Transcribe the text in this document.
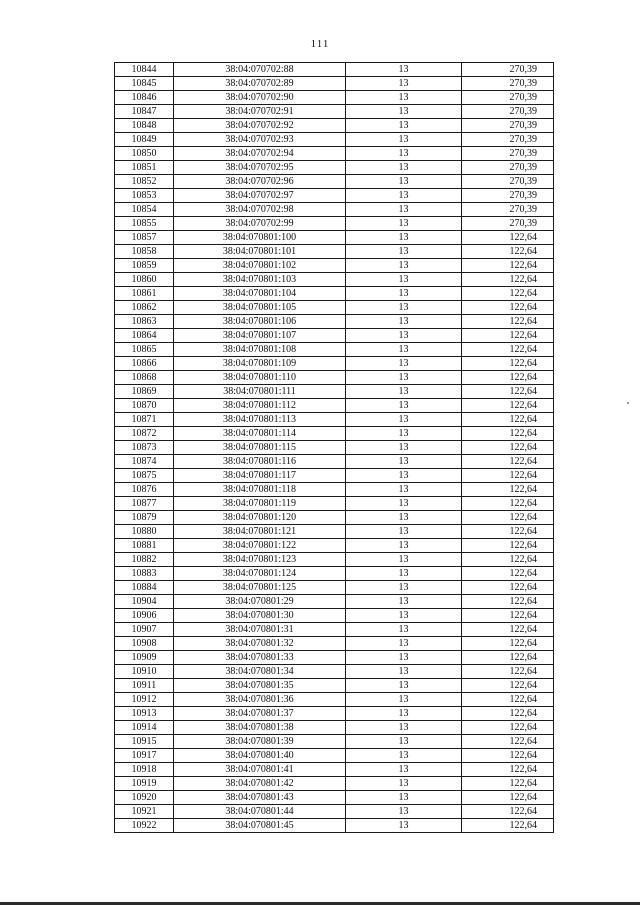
111
10844	38:04:070702:88	13	270,39
10845	38:04:070702:89	13	270,39
10846	38:04:070702:90	13	270,39
10847	38:04:070702:91	13	270,39
10848	38:04:070702:92	13	270,39
10849	38:04:070702:93	13	270,39
10850	38:04:070702:94	13	270,39
10851	38:04:070702:95	13	270,39
10852	38:04:070702:96	13	270,39
10853	38:04:070702:97	13	270,39
10854	38:04:070702:98	13	270,39
10855	38:04:070702:99	13	270,39
10857	38:04:070801:100	13	122,64
10858	38:04:070801:101	13	122,64
10859	38:04:070801:102	13	122,64
10860	38:04:070801:103	13	122,64
10861	38:04:070801:104	13	122,64
10862	38:04:070801:105	13	122,64
10863	38:04:070801:106	13	122,64
10864	38:04:070801:107	13	122,64
10865	38:04:070801:108	13	122,64
10866	38:04:070801:109	13	122,64
10868	38:04:070801:110	13	122,64
10869	38:04:070801:111	13	122,64
10870	38:04:070801:112	13	122,64
10871	38:04:070801:113	13	122,64
10872	38:04:070801:114	13	122,64
10873	38:04:070801:115	13	122,64
10874	38:04:070801:116	13	122,64
10875	38:04:070801:117	13	122,64
10876	38:04:070801:118	13	122,64
10877	38:04:070801:119	13	122,64
10879	38:04:070801:120	13	122,64
10880	38:04:070801:121	13	122,64
10881	38:04:070801:122	13	122,64
10882	38:04:070801:123	13	122,64
10883	38:04:070801:124	13	122,64
10884	38:04:070801:125	13	122,64
10904	38:04:070801:29	13	122,64
10906	38:04:070801:30	13	122,64
10907	38:04:070801:31	13	122,64
10908	38:04:070801:32	13	122,64
10909	38:04:070801:33	13	122,64
10910	38:04:070801:34	13	122,64
10911	38:04:070801:35	13	122,64
10912	38:04:070801:36	13	122,64
10913	38:04:070801:37	13	122,64
10914	38:04:070801:38	13	122,64
10915	38:04:070801:39	13	122,64
10917	38:04:070801:40	13	122,64
10918	38:04:070801:41	13	122,64
10919	38:04:070801:42	13	122,64
10920	38:04:070801:43	13	122,64
10921	38:04:070801:44	13	122,64
10922	38:04:070801:45	13	122,64
